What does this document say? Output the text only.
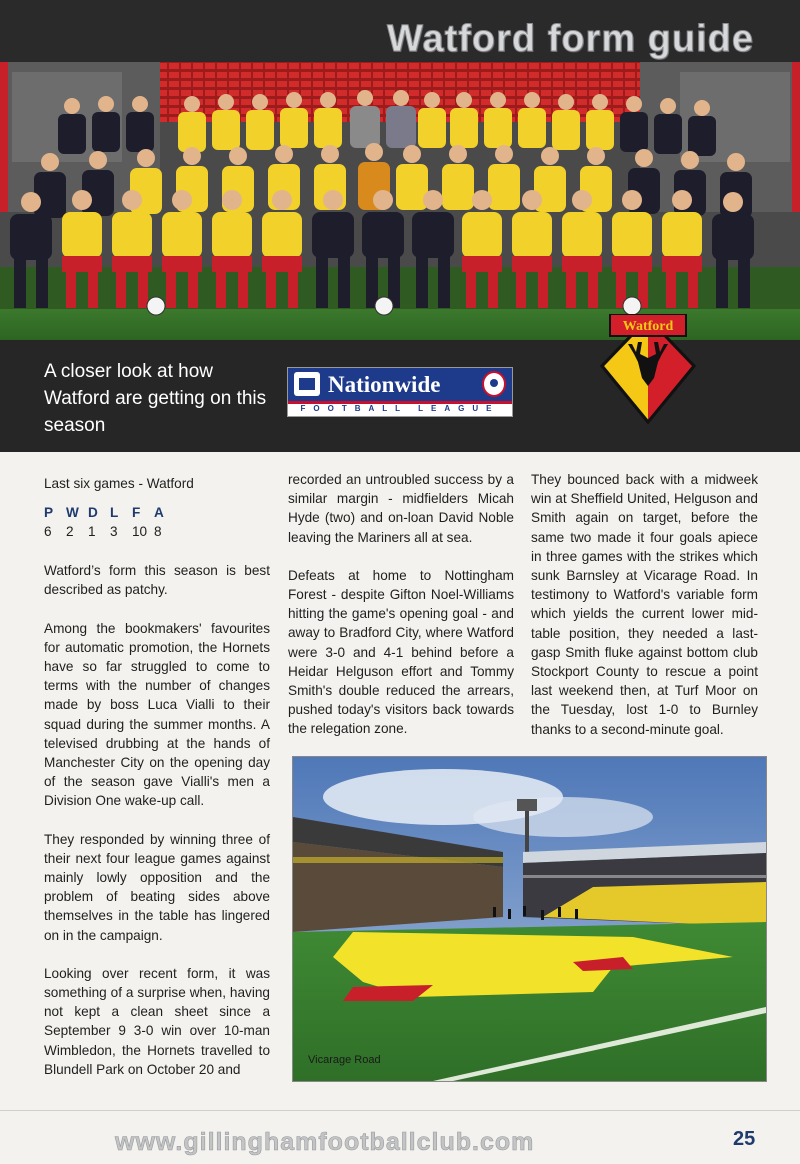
Watford form guide
A closer look at how Watford are getting on this season
Nationwide
FOOTBALL LEAGUE
Watford
Last six games - Watford
P	W	D	L	F	A
6	2	1	3	10	8

Watford’s form this season is best described as patchy.

Among the bookmakers' favourites for automatic promotion, the Hornets have so far struggled to come to terms with the number of changes made by boss Luca Vialli to their squad during the summer months. A televised drubbing at the hands of Manchester City on the opening day of the season gave Vialli's men a Division One wake-up call.

They responded by winning three of their next four league games against mainly lowly opposition and the problem of beating sides above themselves in the table has lingered on in the campaign.

Looking over recent form, it was something of a surprise when, having not kept a clean sheet since a September 9 3-0 win over 10-man Wimbledon, the Hornets travelled to Blundell Park on October 20 and

recorded an untroubled success by a similar margin - midfielders Micah Hyde (two) and on-loan David Noble leaving the Mariners all at sea.

Defeats at home to Nottingham Forest - despite Gifton Noel-Williams hitting the game's opening goal - and away to Bradford City, where Watford were 3-0 and 4-1 behind before a Heidar Helguson effort and Tommy Smith's double reduced the arrears, pushed today's visitors back towards the relegation zone.

They bounced back with a midweek win at Sheffield United, Helguson and Smith again on target, before the same two made it four goals apiece in three games with the strikes which sunk Barnsley at Vicarage Road. In testimony to Watford's variable form which yields the current lower mid-table position, they needed a last-gasp Smith fluke against bottom club Stockport County to rescue a point last weekend then, at Turf Moor on the Tuesday, lost 1-0 to Burnley thanks to a second-minute goal.

Vicarage Road
www.gillinghamfootballclub.com	25
